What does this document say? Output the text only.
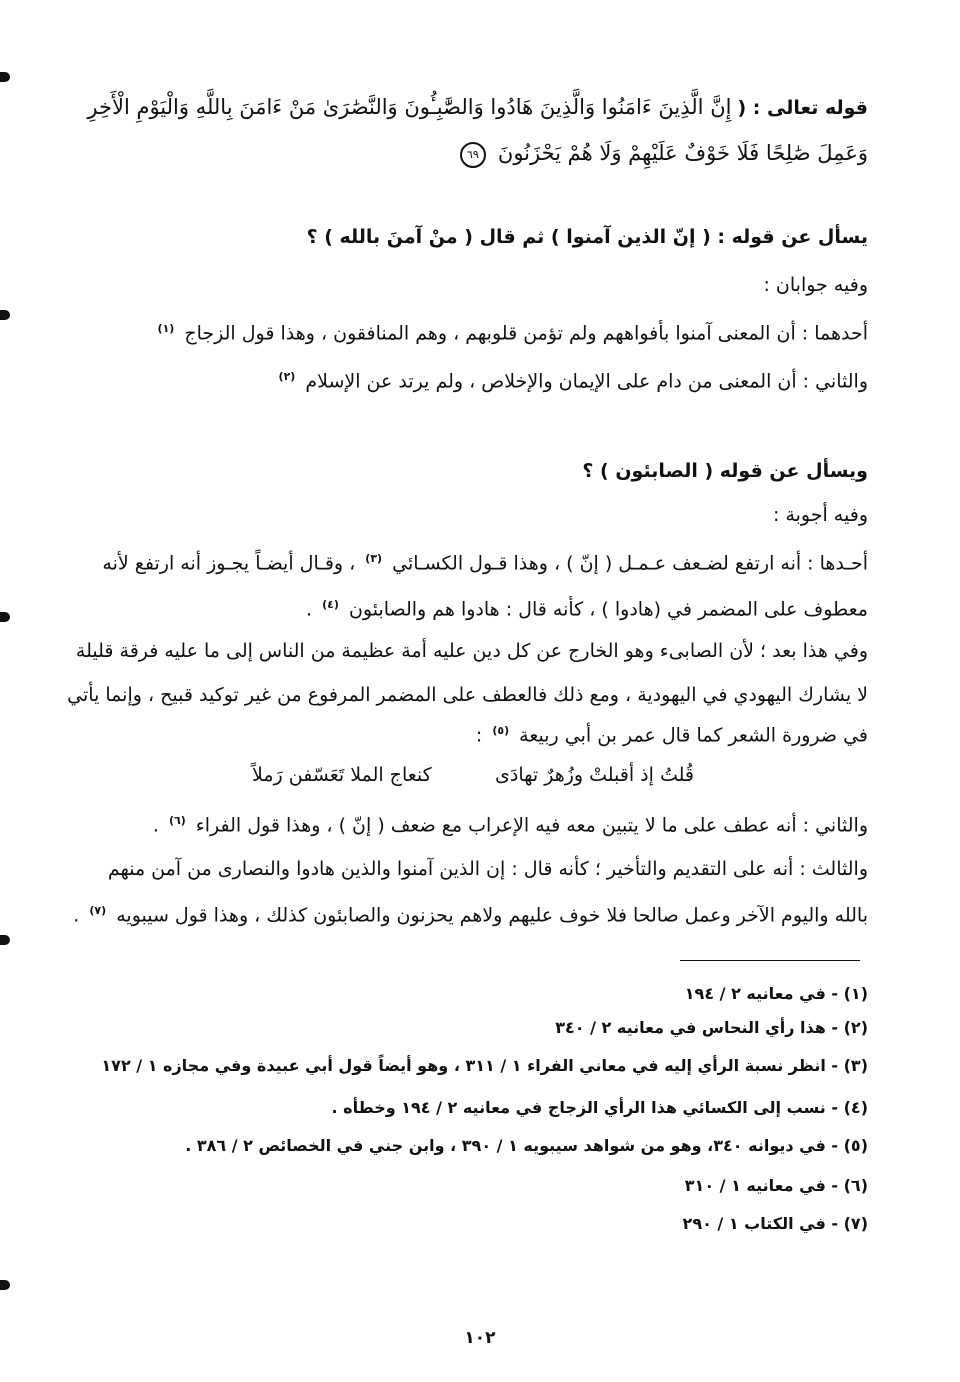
قوله تعالى : ( إِنَّ الَّذِينَ ءَامَنُوا وَالَّذِينَ هَادُوا وَالصَّٰبِـُٔونَ وَالنَّصَٰرَىٰ مَنْ ءَامَنَ بِاللَّهِ وَالْيَوْمِ الْأَخِرِ
وَعَمِلَ صَٰلِحًا فَلَا خَوْفٌ عَلَيْهِمْ وَلَا هُمْ يَحْزَنُونَ ٦٩
يسأل عن قوله : ( إنّ الذين آمنوا ) ثم قال ( منْ آمنَ بالله ) ؟
وفيه جوابان :
أحدهما : أن المعنى آمنوا بأفواههم ولم تؤمن قلوبهم ، وهم المنافقون ، وهذا قول الزجاج $^{(١)}$
والثاني : أن المعنى من دام على الإيمان والإخلاص ، ولم يرتد عن الإسلام $^{(٢)}$
ويسأل عن قوله ( الصابئون ) ؟
وفيه أجوبة :
أحـدها : أنه ارتفع لضـعف عـمـل ( إنّ ) ، وهذا قـول الكسـائي $^{(٣)}$ ، وقـال أيضـاً يجـوز أنه ارتفع لأنه
معطوف على المضمر في (هادوا ) ، كأنه قال : هادوا هم والصابئون $^{(٤)}$ .
وفي هذا بعد ؛ لأن الصابىء وهو الخارج عن كل دين عليه أمة عظيمة من الناس إلى ما عليه فرقة قليلة
لا يشارك اليهودي في اليهودية ، ومع ذلك فالعطف على المضمر المرفوع من غير توكيد قبيح ، وإنما يأتي
في ضرورة الشعر كما قال عمر بن أبي ربيعة $^{(٥)}$ :
قُلتُ إذ أقبلتْ وزُهرٌ تهادَى
كنعاج الملا تَعَسّفن رَملاً
والثاني : أنه عطف على ما لا يتبين معه فيه الإعراب مع ضعف ( إنّ ) ، وهذا قول الفراء $^{(٦)}$ .
والثالث : أنه على التقديم والتأخير ؛ كأنه قال : إن الذين آمنوا والذين هادوا والنصارى من آمن منهم
بالله واليوم الآخر وعمل صالحا فلا خوف عليهم ولاهم يحزنون والصابئون كذلك ، وهذا قول سيبويه $^{(٧)}$ .
(١) - في معانيه ٢ / ١٩٤
(٢) - هذا رأي النحاس في معانيه ٢ / ٣٤٠
(٣) - انظر نسبة الرأي إليه في معاني الفراء ١ / ٣١١ ، وهو أيضاً قول أبي عبيدة وفي مجازه ١ / ١٧٢
(٤) - نسب إلى الكسائي هذا الرأي الزجاج في معانيه ٢ / ١٩٤ وخطأه .
(٥) - في ديوانه ٣٤٠، وهو من شواهد سيبويه ١ / ٣٩٠ ، وابن جني في الخصائص ٢ / ٣٨٦ .
(٦) - في معانيه ١ / ٣١٠
(٧) - في الكتاب ١ / ٢٩٠
١٠٢
